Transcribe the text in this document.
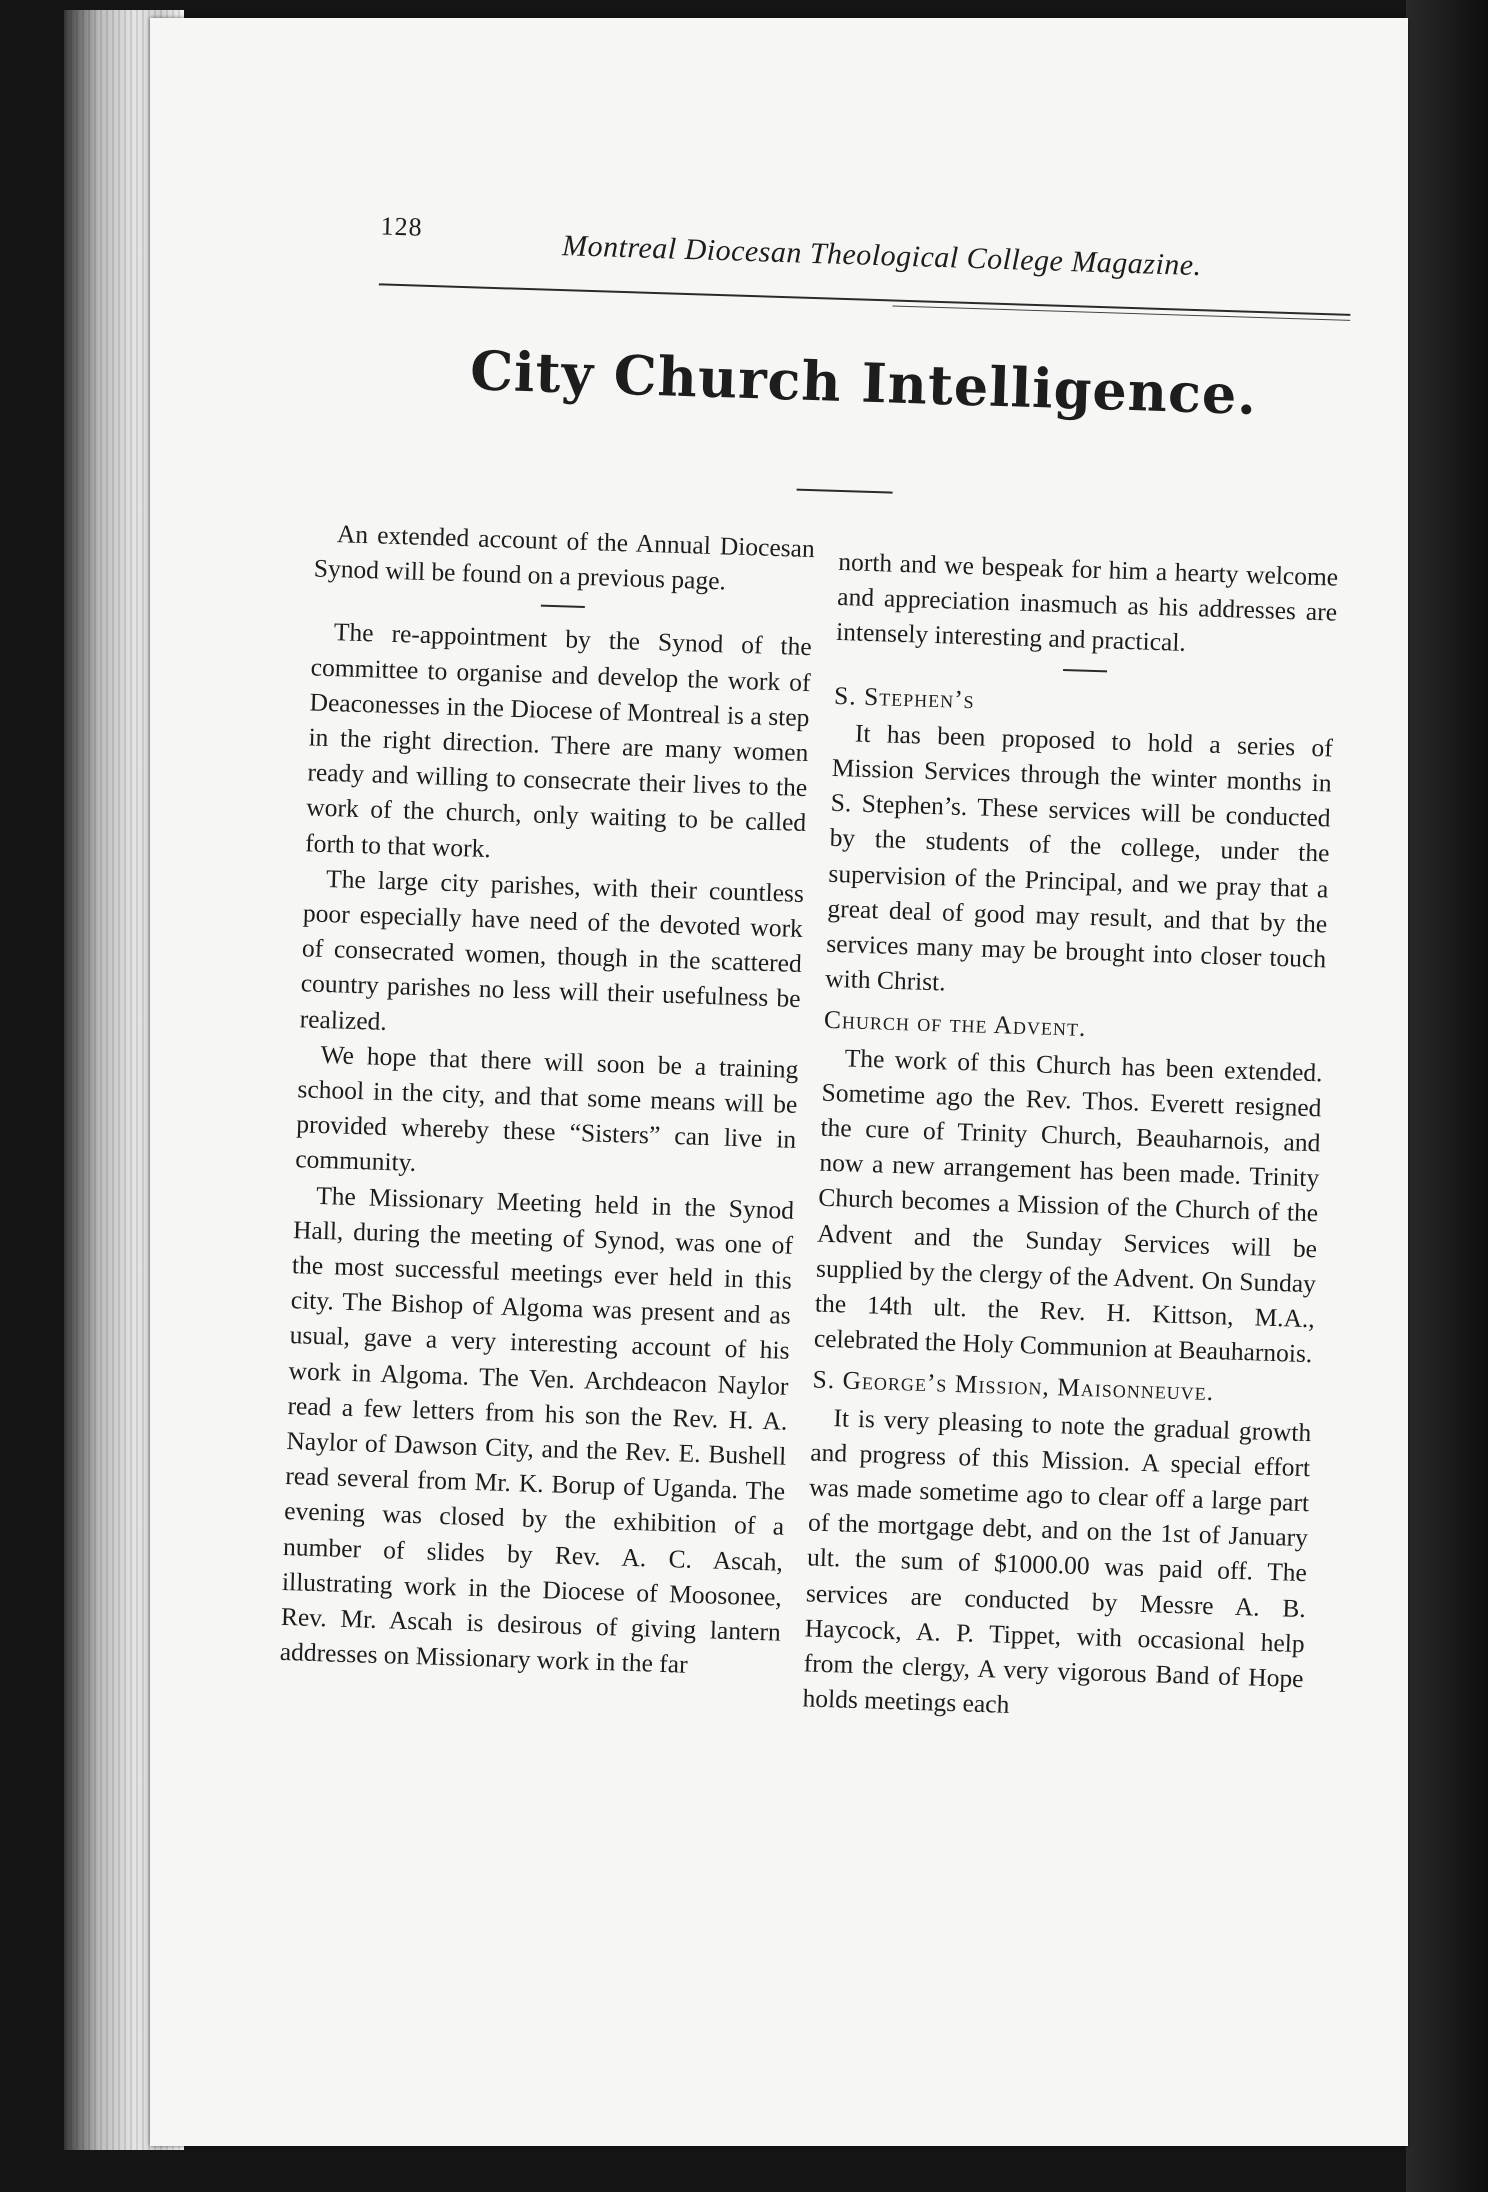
128
Montreal Diocesan Theological College Magazine.
City Church Intelligence.

An extended account of the Annual Diocesan Synod will be found on a previous page.

The re-appointment by the Synod of the committee to organise and develop the work of Deaconesses in the Diocese of Montreal is a step in the right direction. There are many women ready and willing to consecrate their lives to the work of the church, only waiting to be called forth to that work.

The large city parishes, with their countless poor especially have need of the devoted work of consecrated women, though in the scattered country parishes no less will their usefulness be realized.

We hope that there will soon be a training school in the city, and that some means will be provided whereby these “Sisters” can live in community.

The Missionary Meeting held in the Synod Hall, during the meeting of Synod, was one of the most successful meetings ever held in this city. The Bishop of Algoma was present and as usual, gave a very interesting account of his work in Algoma. The Ven. Archdeacon Naylor read a few letters from his son the Rev. H. A. Naylor of Dawson City, and the Rev. E. Bushell read several from Mr. K. Borup of Uganda. The evening was closed by the exhibition of a number of slides by Rev. A. C. Ascah, illustrating work in the Diocese of Moosonee, Rev. Mr. Ascah is desirous of giving lantern addresses on Missionary work in the far

north and we bespeak for him a hearty welcome and appreciation inasmuch as his addresses are intensely interesting and practical.

S. Stephen’s

It has been proposed to hold a series of Mission Services through the winter months in S. Stephen’s. These services will be conducted by the students of the college, under the supervision of the Principal, and we pray that a great deal of good may result, and that by the services many may be brought into closer touch with Christ.

Church of the Advent.

The work of this Church has been extended. Sometime ago the Rev. Thos. Everett resigned the cure of Trinity Church, Beauharnois, and now a new arrangement has been made. Trinity Church becomes a Mission of the Church of the Advent and the Sunday Services will be supplied by the clergy of the Advent. On Sunday the 14th ult. the Rev. H. Kittson, M.A., celebrated the Holy Communion at Beauharnois.

S. George’s Mission, Maisonneuve.

It is very pleasing to note the gradual growth and progress of this Mission. A special effort was made sometime ago to clear off a large part of the mortgage debt, and on the 1st of January ult. the sum of $1000.00 was paid off. The services are conducted by Messre A. B. Haycock, A. P. Tippet, with occasional help from the clergy, A very vigorous Band of Hope holds meetings each
